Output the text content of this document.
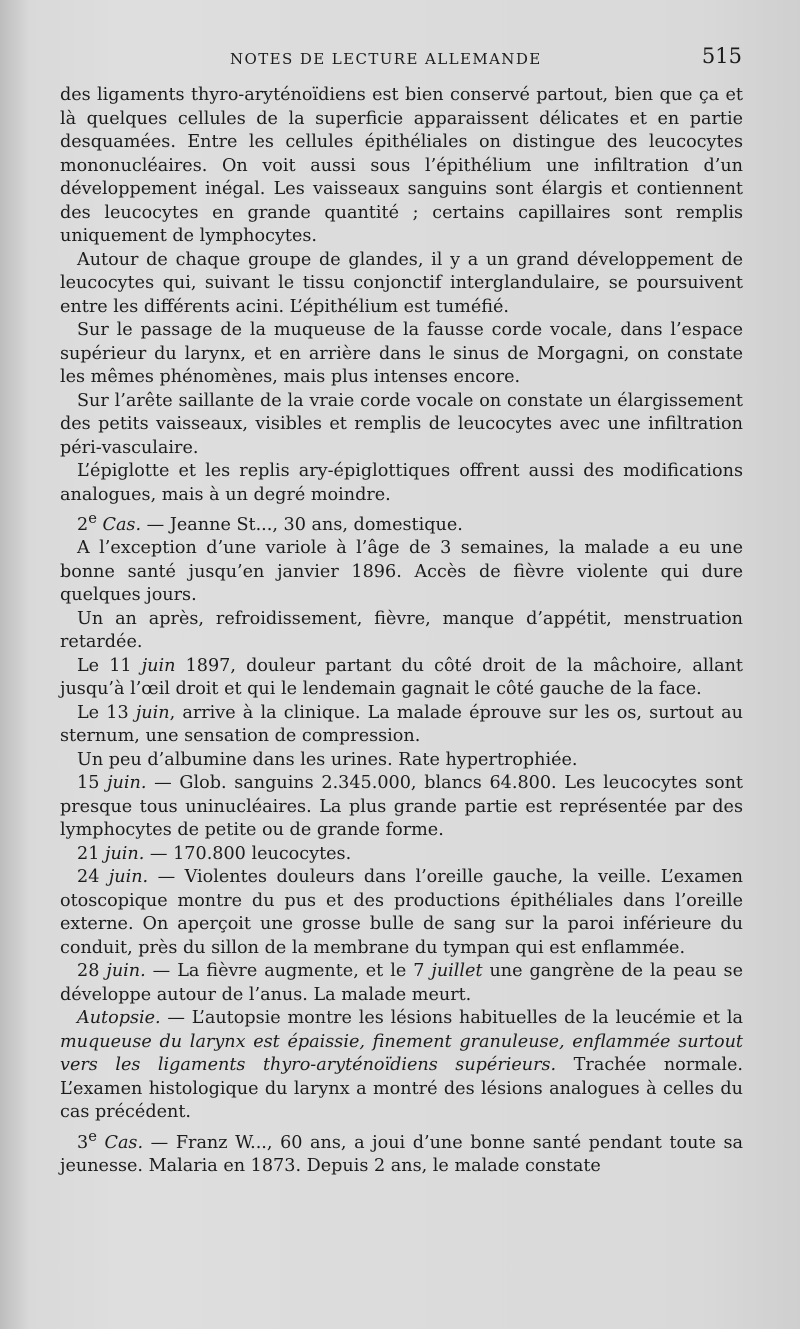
NOTES DE LECTURE ALLEMANDE	515

des ligaments thyro-aryténoïdiens est bien conservé partout, bien que ça et là quelques cellules de la superficie apparaissent délicates et en partie desquamées. Entre les cellules épithéliales on distingue des leucocytes mononucléaires. On voit aussi sous l’épithélium une infiltration d’un développement inégal. Les vaisseaux sanguins sont élargis et contiennent des leucocytes en grande quantité ; certains capillaires sont remplis uniquement de lymphocytes.

Autour de chaque groupe de glandes, il y a un grand développement de leucocytes qui, suivant le tissu conjonctif interglandulaire, se poursuivent entre les différents acini. L’épithélium est tuméfié.

Sur le passage de la muqueuse de la fausse corde vocale, dans l’espace supérieur du larynx, et en arrière dans le sinus de Morgagni, on constate les mêmes phénomènes, mais plus intenses encore.

Sur l’arête saillante de la vraie corde vocale on constate un élargissement des petits vaisseaux, visibles et remplis de leucocytes avec une infiltration péri-vasculaire.

L’épiglotte et les replis ary-épiglottiques offrent aussi des modifications analogues, mais à un degré moindre.

2e Cas. — Jeanne St..., 30 ans, domestique.

A l’exception d’une variole à l’âge de 3 semaines, la malade a eu une bonne santé jusqu’en janvier 1896. Accès de fièvre violente qui dure quelques jours.

Un an après, refroidissement, fièvre, manque d’appétit, menstruation retardée.

Le 11 juin 1897, douleur partant du côté droit de la mâchoire, allant jusqu’à l’œil droit et qui le lendemain gagnait le côté gauche de la face.

Le 13 juin, arrive à la clinique. La malade éprouve sur les os, surtout au sternum, une sensation de compression.

Un peu d’albumine dans les urines. Rate hypertrophiée.

15 juin. — Glob. sanguins 2.345.000, blancs 64.800. Les leucocytes sont presque tous uninucléaires. La plus grande partie est représentée par des lymphocytes de petite ou de grande forme.

21 juin. — 170.800 leucocytes.

24 juin. — Violentes douleurs dans l’oreille gauche, la veille. L’examen otoscopique montre du pus et des productions épithéliales dans l’oreille externe. On aperçoit une grosse bulle de sang sur la paroi inférieure du conduit, près du sillon de la membrane du tympan qui est enflammée.

28 juin. — La fièvre augmente, et le 7 juillet une gangrène de la peau se développe autour de l’anus. La malade meurt.

Autopsie. — L’autopsie montre les lésions habituelles de la leucémie et la muqueuse du larynx est épaissie, finement granuleuse, enflammée surtout vers les ligaments thyro-aryténoïdiens supérieurs. Trachée normale. L’examen histologique du larynx a montré des lésions analogues à celles du cas précédent.

3e Cas. — Franz W..., 60 ans, a joui d’une bonne santé pendant toute sa jeunesse. Malaria en 1873. Depuis 2 ans, le malade constate
